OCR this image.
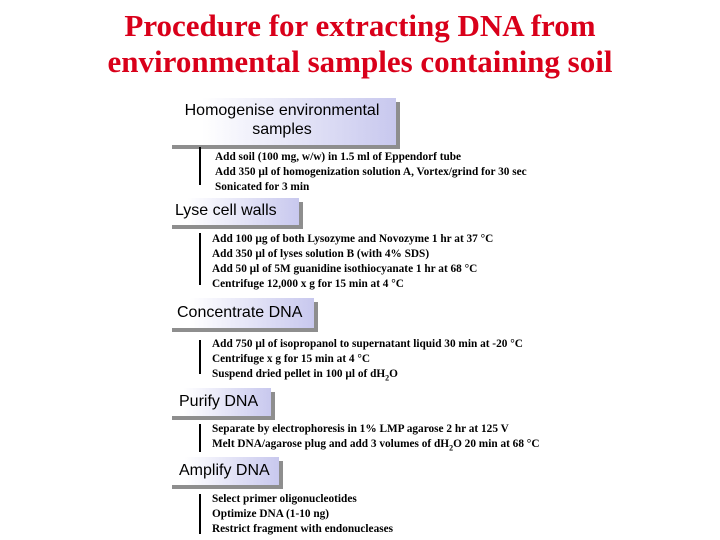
Procedure for extracting DNA from
environmental samples containing soil
Homogenise environmental
samples
Add soil (100 mg, w/w) in 1.5 ml of Eppendorf tube
Add 350 µl of homogenization solution A, Vortex/grind for 30 sec
Sonicated for 3 min
Lyse cell walls
Add 100 µg of both Lysozyme and Novozyme 1 hr at 37 °C
Add 350 µl of lyses solution B (with 4% SDS)
Add 50 µl of 5M guanidine isothiocyanate 1 hr at 68 °C
Centrifuge 12,000 x g for 15 min at 4 °C
Concentrate DNA
Add 750 µl of isopropanol to supernatant liquid 30 min at -20 °C
Centrifuge x g for 15 min at 4 °C
Suspend dried pellet in 100 µl of $dH_2O$
Purify DNA
Separate by electrophoresis in 1% LMP agarose 2 hr at 125 V
Melt DNA/agarose plug and add 3 volumes of $dH_2O$ 20 min at 68 °C
Amplify DNA
Select primer oligonucleotides
Optimize DNA (1-10 ng)
Restrict fragment with endonucleases
